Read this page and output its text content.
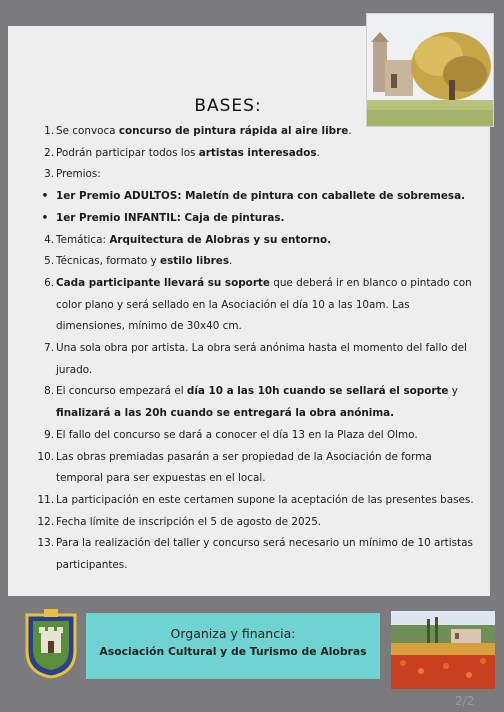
BASES:
1. Se convoca concurso de pintura rápida al aire libre.
2. Podrán participar todos los artistas interesados.
3. Premios:
• 1er Premio ADULTOS: Maletín de pintura con caballete de sobremesa.
• 1er Premio INFANTIL: Caja de pinturas.
4. Temática: Arquitectura de Alobras y su entorno.
5. Técnicas, formato y estilo libres.
6. Cada participante llevará su soporte que deberá ir en blanco o pintado con color plano y será sellado en la Asociación el día 10 a las 10am. Las dimensiones, mínimo de 30x40 cm.
7. Una sola obra por artista. La obra será anónima hasta el momento del fallo del jurado.
8. El concurso empezará el día 10 a las 10h cuando se sellará el soporte y finalizará a las 20h cuando se entregará la obra anónima.
9. El fallo del concurso se dará a conocer el día 13 en la Plaza del Olmo.
10. Las obras premiadas pasarán a ser propiedad de la Asociación de forma temporal para ser expuestas en el local.
11. La participación en este certamen supone la aceptación de las presentes bases.
12. Fecha límite de inscripción el 5 de agosto de 2025.
13. Para la realización del taller y concurso será necesario un mínimo de 10 artistas participantes.
Organiza y financia:
Asociación Cultural y de Turismo de Alobras
2/2
